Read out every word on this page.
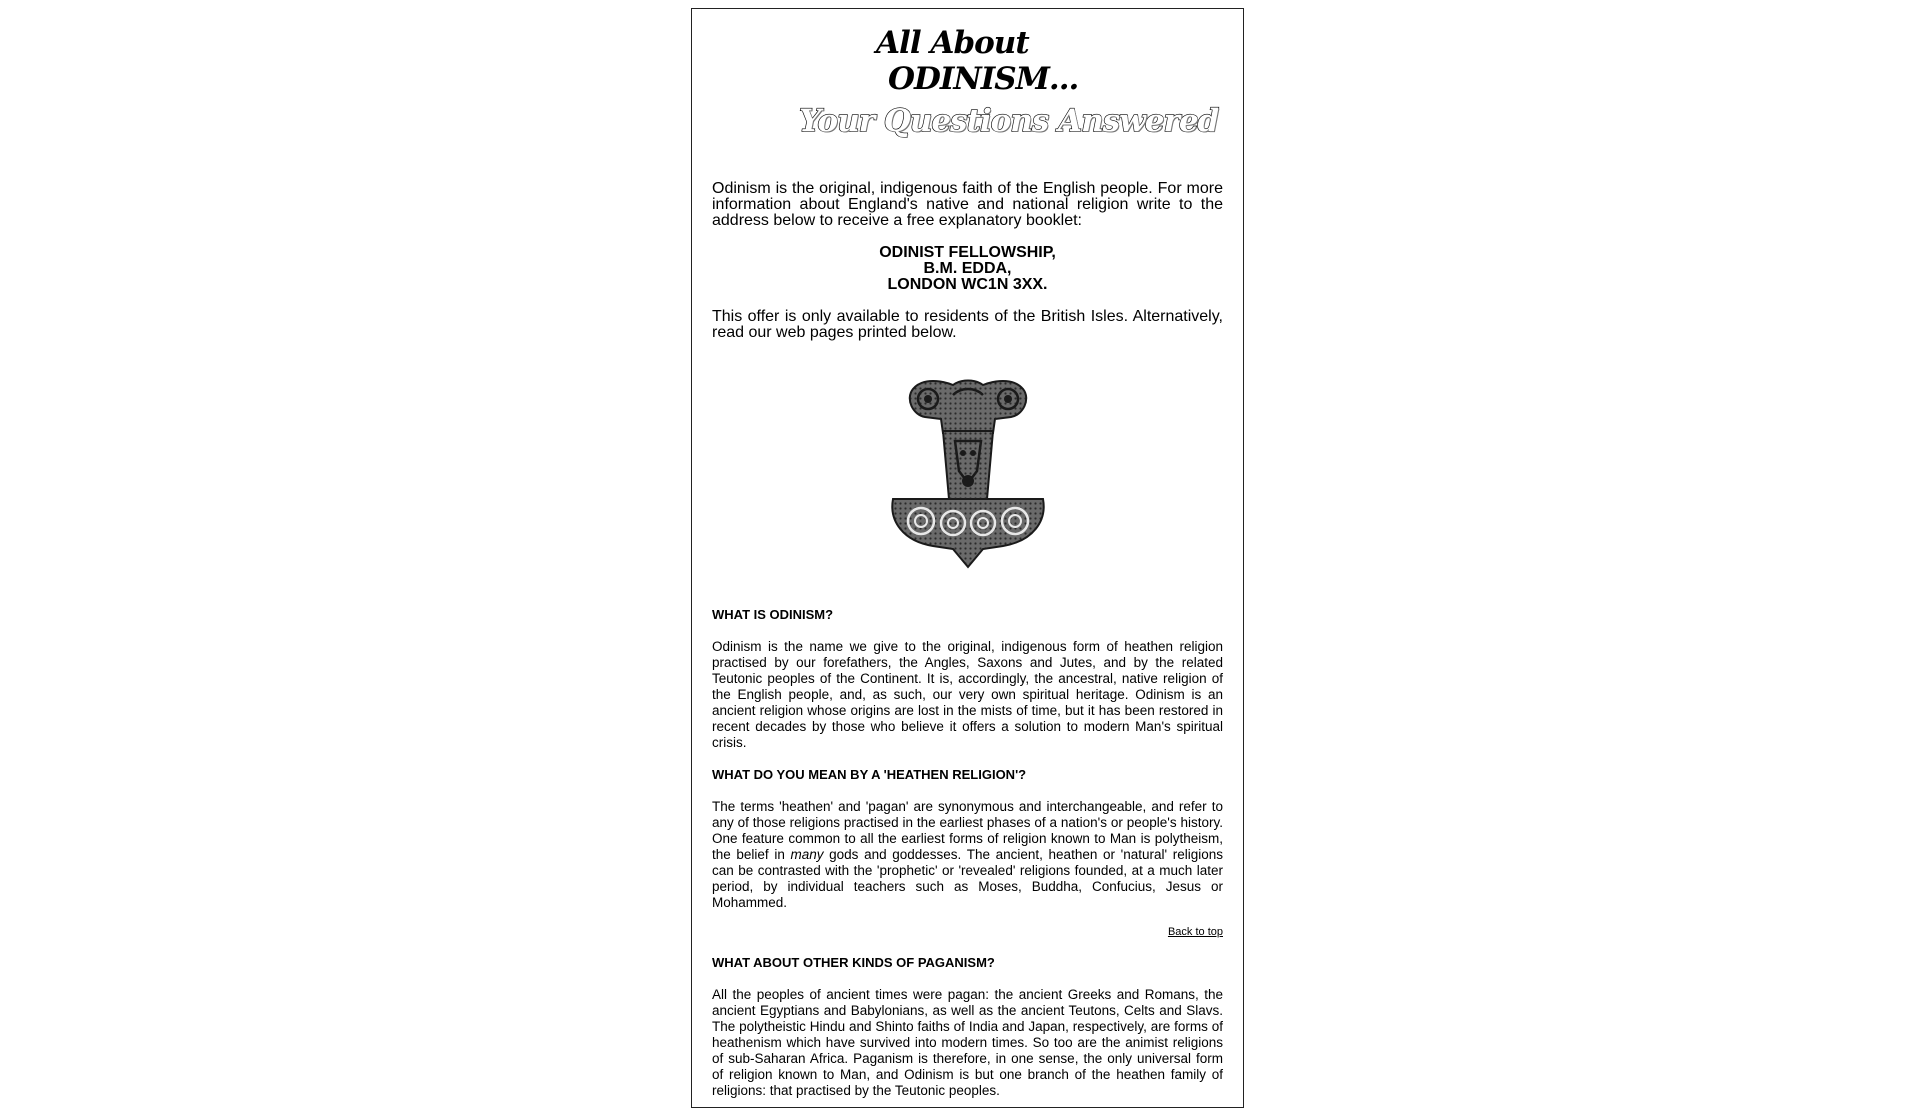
All About
ODINISM...
Your Questions Answered

Odinism is the original, indigenous faith of the English people. For more information about England's native and national religion write to the address below to receive a free explanatory booklet:

ODINIST FELLOWSHIP,
B.M. EDDA,
LONDON WC1N 3XX.

This offer is only available to residents of the British Isles. Alternatively, read our web pages printed below.

WHAT IS ODINISM?

Odinism is the name we give to the original, indigenous form of heathen religion practised by our forefathers, the Angles, Saxons and Jutes, and by the related Teutonic peoples of the Continent. It is, accordingly, the ancestral, native religion of the English people, and, as such, our very own spiritual heritage. Odinism is an ancient religion whose origins are lost in the mists of time, but it has been restored in recent decades by those who believe it offers a solution to modern Man's spiritual crisis.

WHAT DO YOU MEAN BY A 'HEATHEN RELIGION'?

The terms 'heathen' and 'pagan' are synonymous and interchangeable, and refer to any of those religions practised in the earliest phases of a nation's or people's history. One feature common to all the earliest forms of religion known to Man is polytheism, the belief in many gods and goddesses. The ancient, heathen or 'natural' religions can be contrasted with the 'prophetic' or 'revealed' religions founded, at a much later period, by individual teachers such as Moses, Buddha, Confucius, Jesus or Mohammed.

Back to top
WHAT ABOUT OTHER KINDS OF PAGANISM?

All the peoples of ancient times were pagan: the ancient Greeks and Romans, the ancient Egyptians and Babylonians, as well as the ancient Teutons, Celts and Slavs. The polytheistic Hindu and Shinto faiths of India and Japan, respectively, are forms of heathenism which have survived into modern times. So too are the animist religions of sub-Saharan Africa. Paganism is therefore, in one sense, the only universal form of religion known to Man, and Odinism is but one branch of the heathen family of religions: that practised by the Teutonic peoples.
